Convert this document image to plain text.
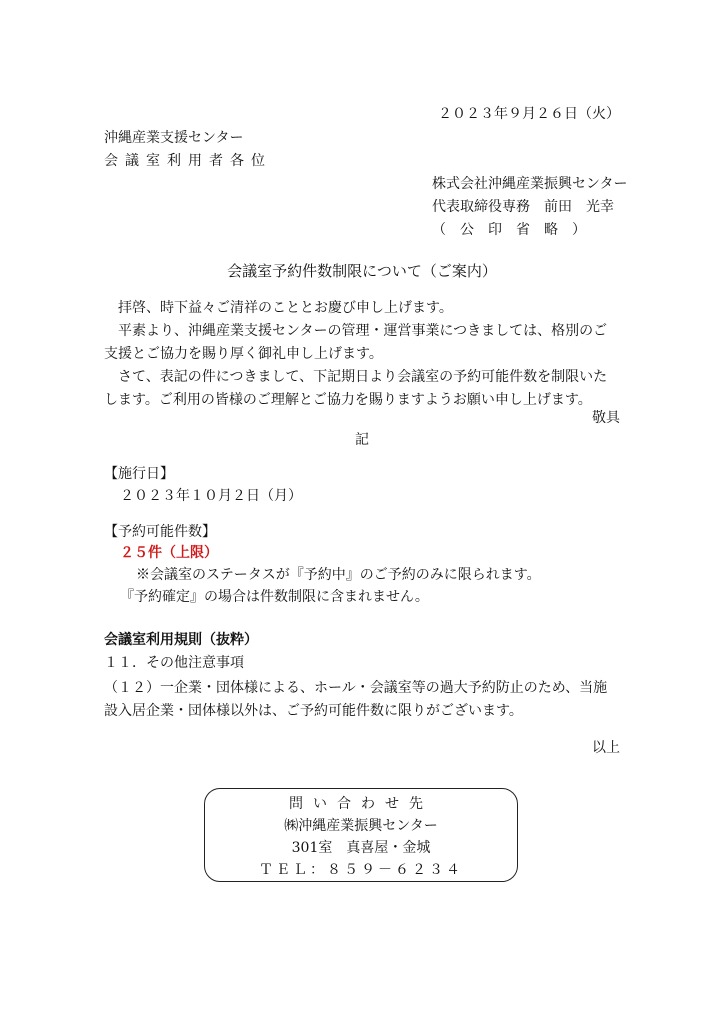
２０２３年９月２６日（火）
沖縄産業支援センター
会議室利用者各位
株式会社沖縄産業振興センター
代表取締役専務　前田　光幸
（　公　印　省　略　）
会議室予約件数制限について（ご案内）
拝啓、時下益々ご清祥のこととお慶び申し上げます。
平素より、沖縄産業支援センターの管理・運営事業につきましては、格別のご支援とご協力を賜り厚く御礼申し上げます。
さて、表記の件につきまして、下記期日より会議室の予約可能件数を制限いたします。ご利用の皆様のご理解とご協力を賜りますようお願い申し上げます。
敬具
記
【施行日】
２０２３年１０月２日（月）
【予約可能件数】
２５件（上限）
※会議室のステータスが『予約中』のご予約のみに限られます。
『予約確定』の場合は件数制限に含まれません。
会議室利用規則（抜粋）
１１．その他注意事項
（１２）一企業・団体様による、ホール・会議室等の過大予約防止のため、当施設入居企業・団体様以外は、ご予約可能件数に限りがございます。
以上
問い合わせ先
㈱沖縄産業振興センター
301室　真喜屋・金城
ＴＥＬ：８５９－６２３４
